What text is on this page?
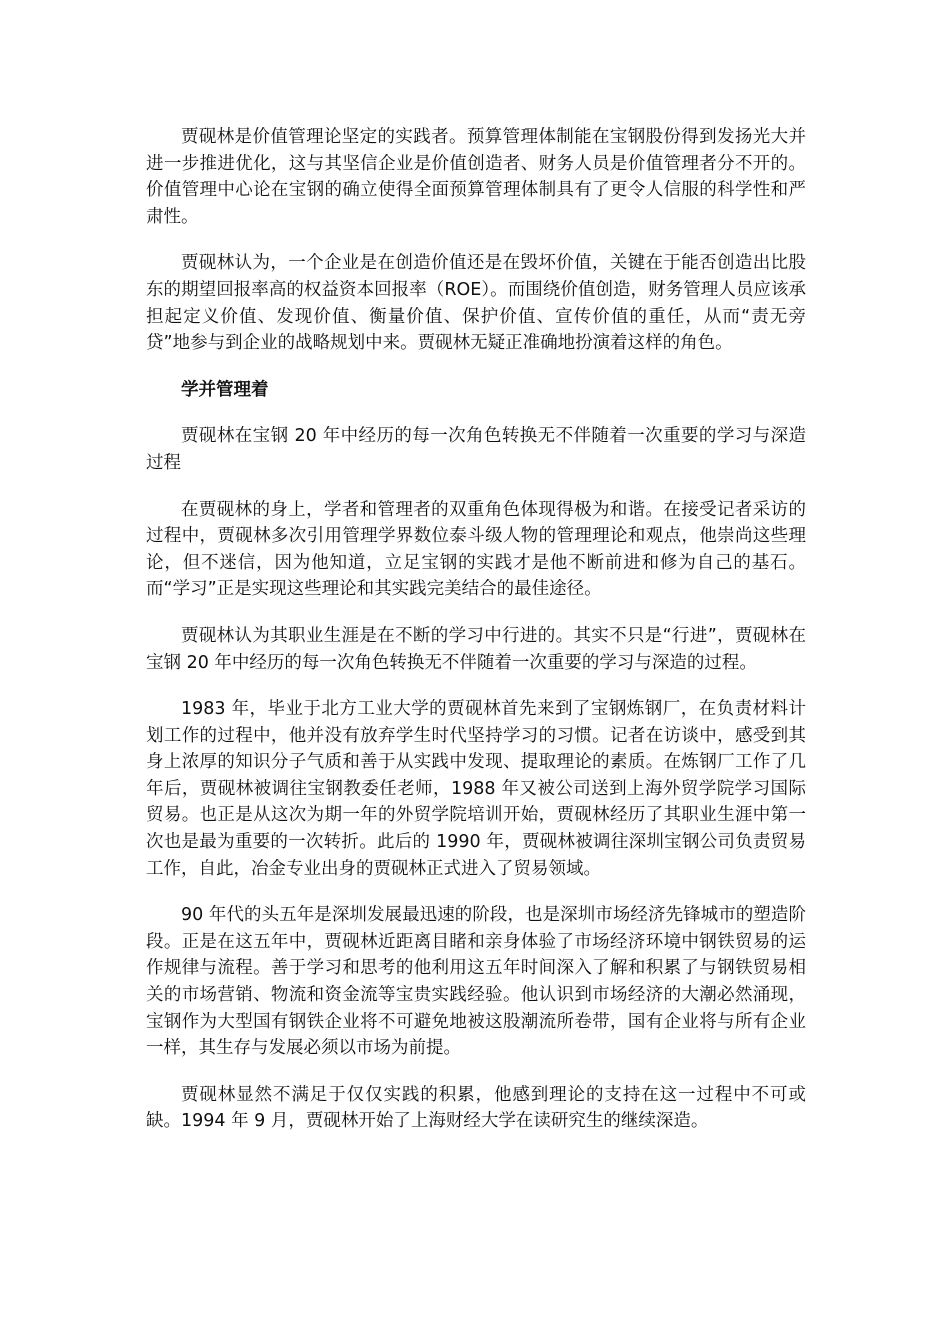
贾砚林是价值管理论坚定的实践者。预算管理体制能在宝钢股份得到发扬光大并进一步推进优化，这与其坚信企业是价值创造者、财务人员是价值管理者分不开的。价值管理中心论在宝钢的确立使得全面预算管理体制具有了更令人信服的科学性和严肃性。

贾砚林认为，一个企业是在创造价值还是在毁坏价值，关键在于能否创造出比股东的期望回报率高的权益资本回报率（ROE）。而围绕价值创造，财务管理人员应该承担起定义价值、发现价值、衡量价值、保护价值、宣传价值的重任，从而“责无旁贷”地参与到企业的战略规划中来。贾砚林无疑正准确地扮演着这样的角色。

学并管理着

贾砚林在宝钢 20 年中经历的每一次角色转换无不伴随着一次重要的学习与深造过程

在贾砚林的身上，学者和管理者的双重角色体现得极为和谐。在接受记者采访的过程中，贾砚林多次引用管理学界数位泰斗级人物的管理理论和观点，他崇尚这些理论，但不迷信，因为他知道，立足宝钢的实践才是他不断前进和修为自己的基石。而“学习”正是实现这些理论和其实践完美结合的最佳途径。

贾砚林认为其职业生涯是在不断的学习中行进的。其实不只是“行进”，贾砚林在宝钢 20 年中经历的每一次角色转换无不伴随着一次重要的学习与深造的过程。

1983 年，毕业于北方工业大学的贾砚林首先来到了宝钢炼钢厂，在负责材料计划工作的过程中，他并没有放弃学生时代坚持学习的习惯。记者在访谈中，感受到其身上浓厚的知识分子气质和善于从实践中发现、提取理论的素质。在炼钢厂工作了几年后，贾砚林被调往宝钢教委任老师，1988 年又被公司送到上海外贸学院学习国际贸易。也正是从这次为期一年的外贸学院培训开始，贾砚林经历了其职业生涯中第一次也是最为重要的一次转折。此后的 1990 年，贾砚林被调往深圳宝钢公司负责贸易工作，自此，冶金专业出身的贾砚林正式进入了贸易领域。

90 年代的头五年是深圳发展最迅速的阶段，也是深圳市场经济先锋城市的塑造阶段。正是在这五年中，贾砚林近距离目睹和亲身体验了市场经济环境中钢铁贸易的运作规律与流程。善于学习和思考的他利用这五年时间深入了解和积累了与钢铁贸易相关的市场营销、物流和资金流等宝贵实践经验。他认识到市场经济的大潮必然涌现，宝钢作为大型国有钢铁企业将不可避免地被这股潮流所卷带，国有企业将与所有企业一样，其生存与发展必须以市场为前提。

贾砚林显然不满足于仅仅实践的积累，他感到理论的支持在这一过程中不可或缺。1994 年 9 月，贾砚林开始了上海财经大学在读研究生的继续深造。
